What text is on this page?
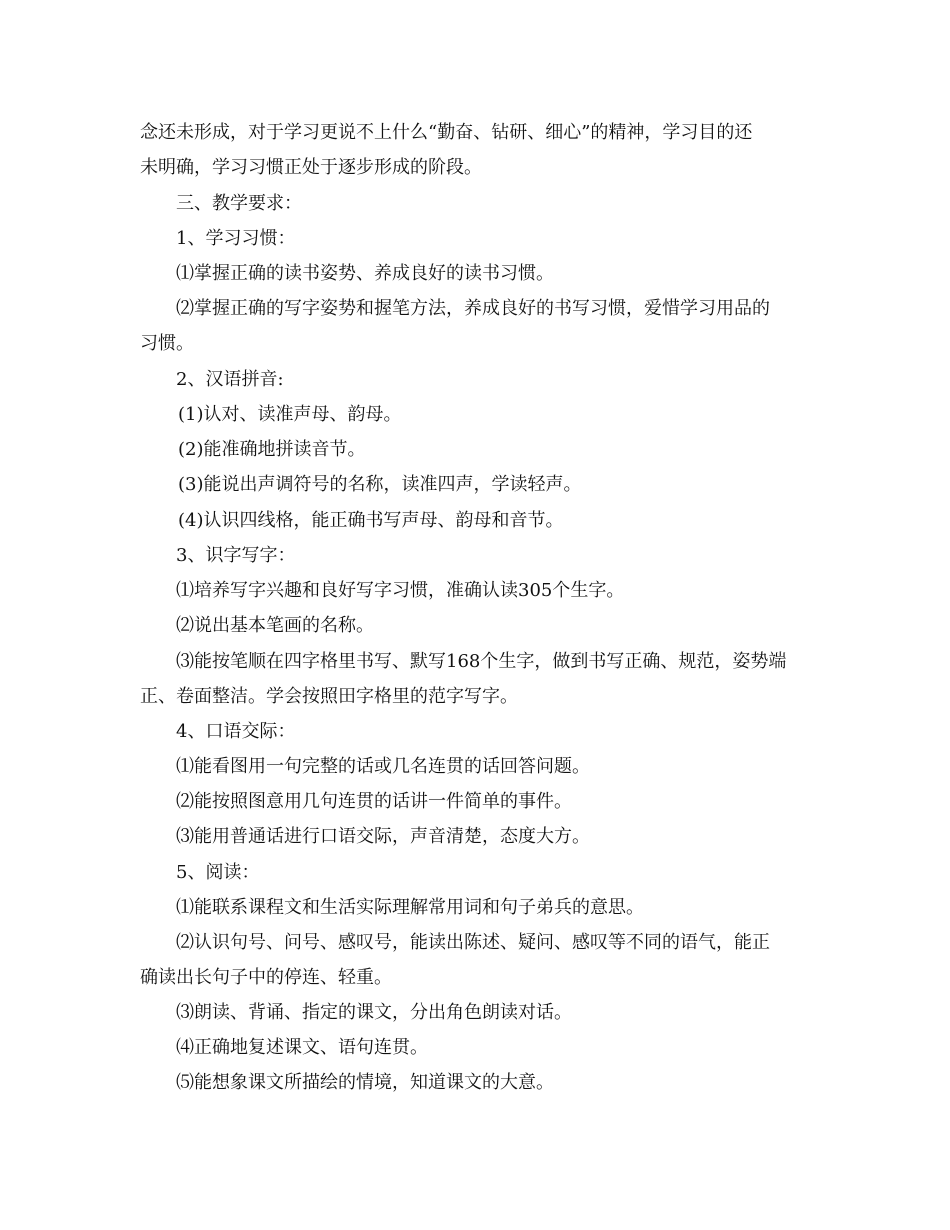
念还未形成，对于学习更说不上什么“勤奋、钻研、细心”的精神，学习目的还
未明确，学习习惯正处于逐步形成的阶段。
三、教学要求：
1、学习习惯：
⑴掌握正确的读书姿势、养成良好的读书习惯。
⑵掌握正确的写字姿势和握笔方法，养成良好的书写习惯，爱惜学习用品的
习惯。
2、汉语拼音:
(1)认对、读准声母、韵母。
(2)能准确地拼读音节。
(3)能说出声调符号的名称，读准四声，学读轻声。
(4)认识四线格，能正确书写声母、韵母和音节。
3、识字写字：
⑴培养写字兴趣和良好写字习惯，准确认读305个生字。
⑵说出基本笔画的名称。
⑶能按笔顺在四字格里书写、默写168个生字，做到书写正确、规范，姿势端
正、卷面整洁。学会按照田字格里的范字写字。
4、口语交际：
⑴能看图用一句完整的话或几名连贯的话回答问题。
⑵能按照图意用几句连贯的话讲一件简单的事件。
⑶能用普通话进行口语交际，声音清楚，态度大方。
5、阅读：
⑴能联系课程文和生活实际理解常用词和句子弟兵的意思。
⑵认识句号、问号、感叹号，能读出陈述、疑问、感叹等不同的语气，能正
确读出长句子中的停连、轻重。
⑶朗读、背诵、指定的课文，分出角色朗读对话。
⑷正确地复述课文、语句连贯。
⑸能想象课文所描绘的情境，知道课文的大意。
